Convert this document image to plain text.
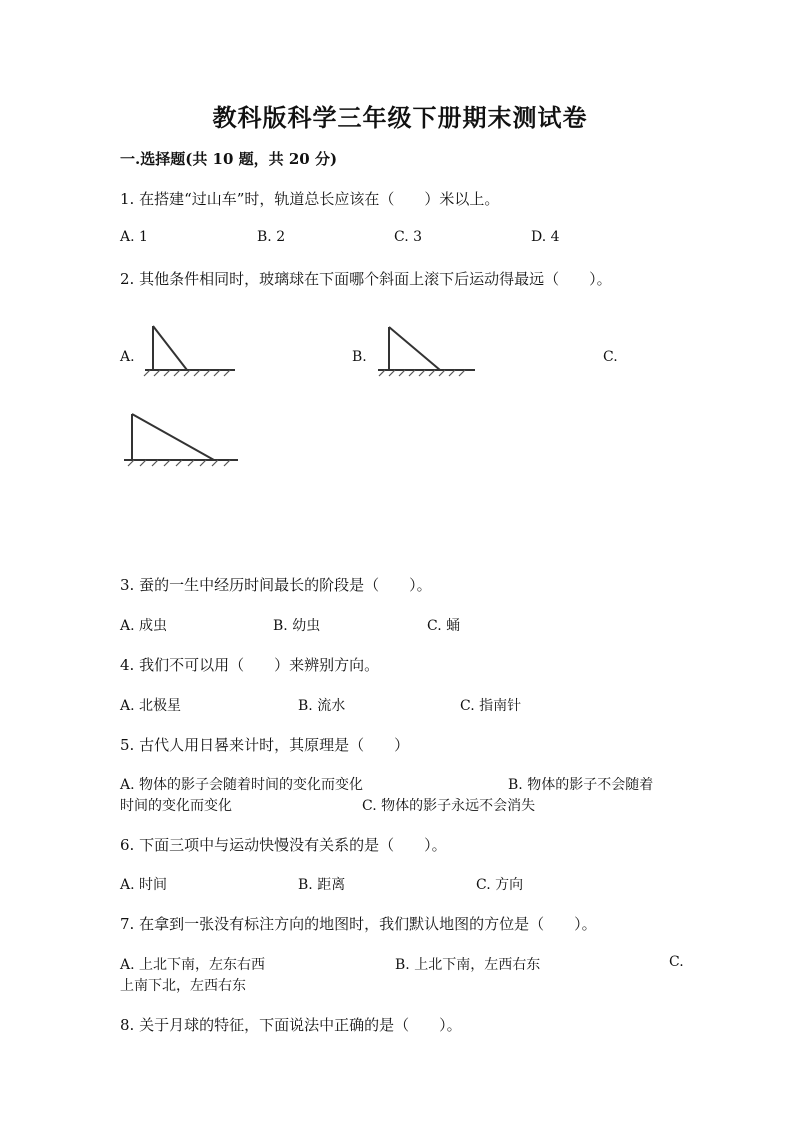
教科版科学三年级下册期末测试卷
一.选择题(共 10 题，共 20 分)
1. 在搭建“过山车”时，轨道总长应该在（　　）米以上。
A. 1	B. 2	C. 3	D. 4
2. 其他条件相同时，玻璃球在下面哪个斜面上滚下后运动得最远（　　）。
A.	B.	C.
3. 蚕的一生中经历时间最长的阶段是（　　）。
A. 成虫	B. 幼虫	C. 蛹
4. 我们不可以用（　　）来辨别方向。
A. 北极星	B. 流水	C. 指南针
5. 古代人用日晷来计时，其原理是（　　）
A. 物体的影子会随着时间的变化而变化	B. 物体的影子不会随着
时间的变化而变化	C. 物体的影子永远不会消失
6. 下面三项中与运动快慢没有关系的是（　　）。
A. 时间	B. 距离	C. 方向
7. 在拿到一张没有标注方向的地图时，我们默认地图的方位是（　　）。
A. 上北下南，左东右西	B. 上北下南，左西右东	C.
上南下北，左西右东
8. 关于月球的特征，下面说法中正确的是（　　）。
